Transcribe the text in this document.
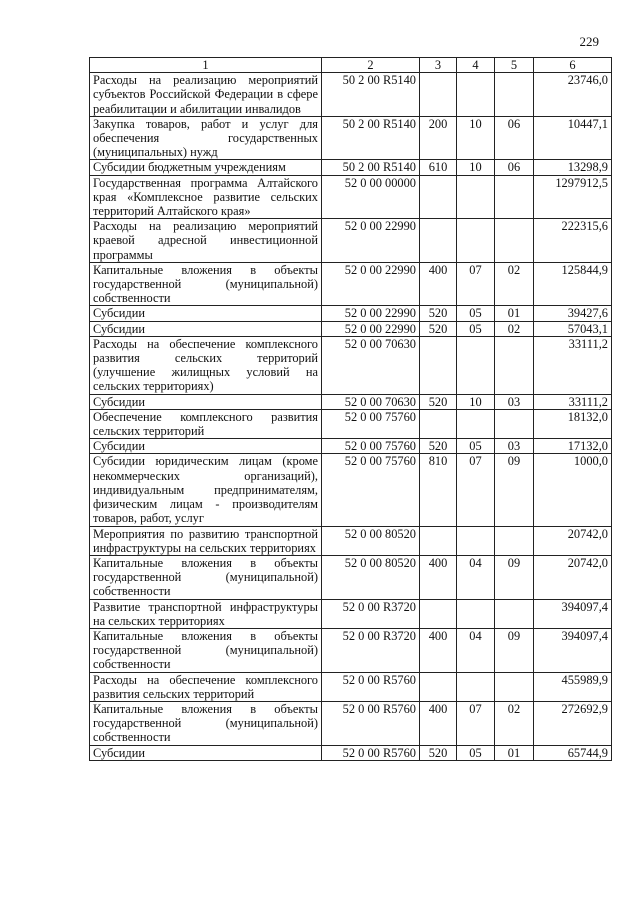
229
1	2	3	4	5	6
Расходы на реализацию мероприятий субъектов Российской Федерации в сфере реабилитации и абилитации инвалидов	50 2 00 R5140				23746,0
Закупка товаров, работ и услуг для обеспечения государственных (муниципальных) нужд	50 2 00 R5140	200	10	06	10447,1
Субсидии бюджетным учреждениям	50 2 00 R5140	610	10	06	13298,9
Государственная программа Алтайского края «Комплексное развитие сельских территорий Алтайского края»	52 0 00 00000				1297912,5
Расходы на реализацию мероприятий краевой адресной инвестиционной программы	52 0 00 22990				222315,6
Капитальные вложения в объекты государственной (муниципальной) собственности	52 0 00 22990	400	07	02	125844,9
Субсидии	52 0 00 22990	520	05	01	39427,6
Субсидии	52 0 00 22990	520	05	02	57043,1
Расходы на обеспечение комплексного развития сельских территорий (улучшение жилищных условий на сельских территориях)	52 0 00 70630				33111,2
Субсидии	52 0 00 70630	520	10	03	33111,2
Обеспечение комплексного развития сельских территорий	52 0 00 75760				18132,0
Субсидии	52 0 00 75760	520	05	03	17132,0
Субсидии юридическим лицам (кроме некоммерческих организаций), индивидуальным предпринимателям, физическим лицам - производителям товаров, работ, услуг	52 0 00 75760	810	07	09	1000,0
Мероприятия по развитию транспортной инфраструктуры на сельских территориях	52 0 00 80520				20742,0
Капитальные вложения в объекты государственной (муниципальной) собственности	52 0 00 80520	400	04	09	20742,0
Развитие транспортной инфраструктуры на сельских территориях	52 0 00 R3720				394097,4
Капитальные вложения в объекты государственной (муниципальной) собственности	52 0 00 R3720	400	04	09	394097,4
Расходы на обеспечение комплексного развития сельских территорий	52 0 00 R5760				455989,9
Капитальные вложения в объекты государственной (муниципальной) собственности	52 0 00 R5760	400	07	02	272692,9
Субсидии	52 0 00 R5760	520	05	01	65744,9
